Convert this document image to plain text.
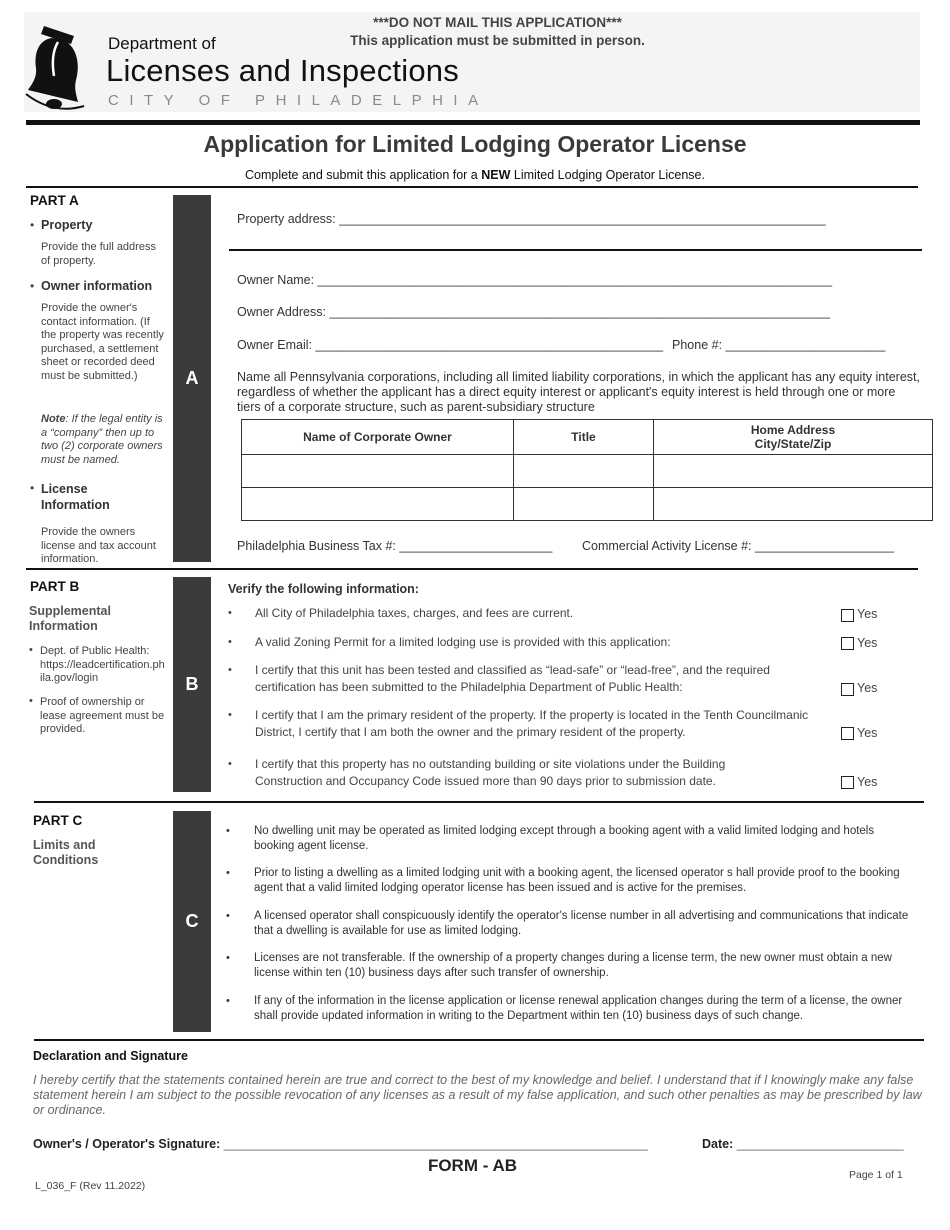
Department of
Licenses and Inspections
CITY OF PHILADELPHIA
***DO NOT MAIL THIS APPLICATION***
This application must be submitted in person.
Application for Limited Lodging Operator License
Complete and submit this application for a NEW Limited Lodging Operator License.
PART A
• Property
Provide the full address of property.
• Owner information
Provide the owner's contact information. (If the property was recently purchased, a settlement sheet or recorded deed must be submitted.)
Note: If the legal entity is a “company” then up to two (2) corporate owners must be named.
• License Information
Provide the owners license and tax account information.
A
Property address: ______________________________________________________________________
Owner Name: __________________________________________________________________________
Owner Address: ________________________________________________________________________
Owner Email: __________________________________________________ Phone #: _______________________
Name all Pennsylvania corporations, including all limited liability corporations, in which the applicant has any equity interest, regardless of whether the applicant has a direct equity interest or applicant's equity interest is held through one or more tiers of a corporate structure, such as parent-subsidiary structure
Name of Corporate Owner	Title	Home Address
City/State/Zip

Philadelphia Business Tax #: ______________________ Commercial Activity License #: ____________________
PART B
Supplemental Information
• Dept. of Public Health: https://leadcertification.phila.gov/login
• Proof of ownership or lease agreement must be provided.
B
Verify the following information:
• All City of Philadelphia taxes, charges, and fees are current.	Yes
• A valid Zoning Permit for a limited lodging use is provided with this application:	Yes
• I certify that this unit has been tested and classified as “lead-safe” or “lead-free”, and the required certification has been submitted to the Philadelphia Department of Public Health:	Yes
• I certify that I am the primary resident of the property. If the property is located in the Tenth Councilmanic District, I certify that I am both the owner and the primary resident of the property.	Yes
• I certify that this property has no outstanding building or site violations under the Building Construction and Occupancy Code issued more than 90 days prior to submission date.	Yes
PART C
Limits and Conditions
C
• No dwelling unit may be operated as limited lodging except through a booking agent with a valid limited lodging and hotels booking agent license.
• Prior to listing a dwelling as a limited lodging unit with a booking agent, the licensed operator s hall provide proof to the booking agent that a valid limited lodging operator license has been issued and is active for the premises.
• A licensed operator shall conspicuously identify the operator's license number in all advertising and communications that indicate that a dwelling is available for use as limited lodging.
• Licenses are not transferable. If the ownership of a property changes during a license term, the new owner must obtain a new license within ten (10) business days after such transfer of ownership.
• If any of the information in the license application or license renewal application changes during the term of a license, the owner shall provide updated information in writing to the Department within ten (10) business days of such change.
Declaration and Signature
I hereby certify that the statements contained herein are true and correct to the best of my knowledge and belief. I understand that if I knowingly make any false statement herein I am subject to the possible revocation of any licenses as a result of my false application, and such other penalties as may be prescribed by law or ordinance.
Owner's / Operator's Signature: _____________________________________________________________	Date: ________________________
FORM - AB
L_036_F (Rev 11.2022)
Page 1 of 1
